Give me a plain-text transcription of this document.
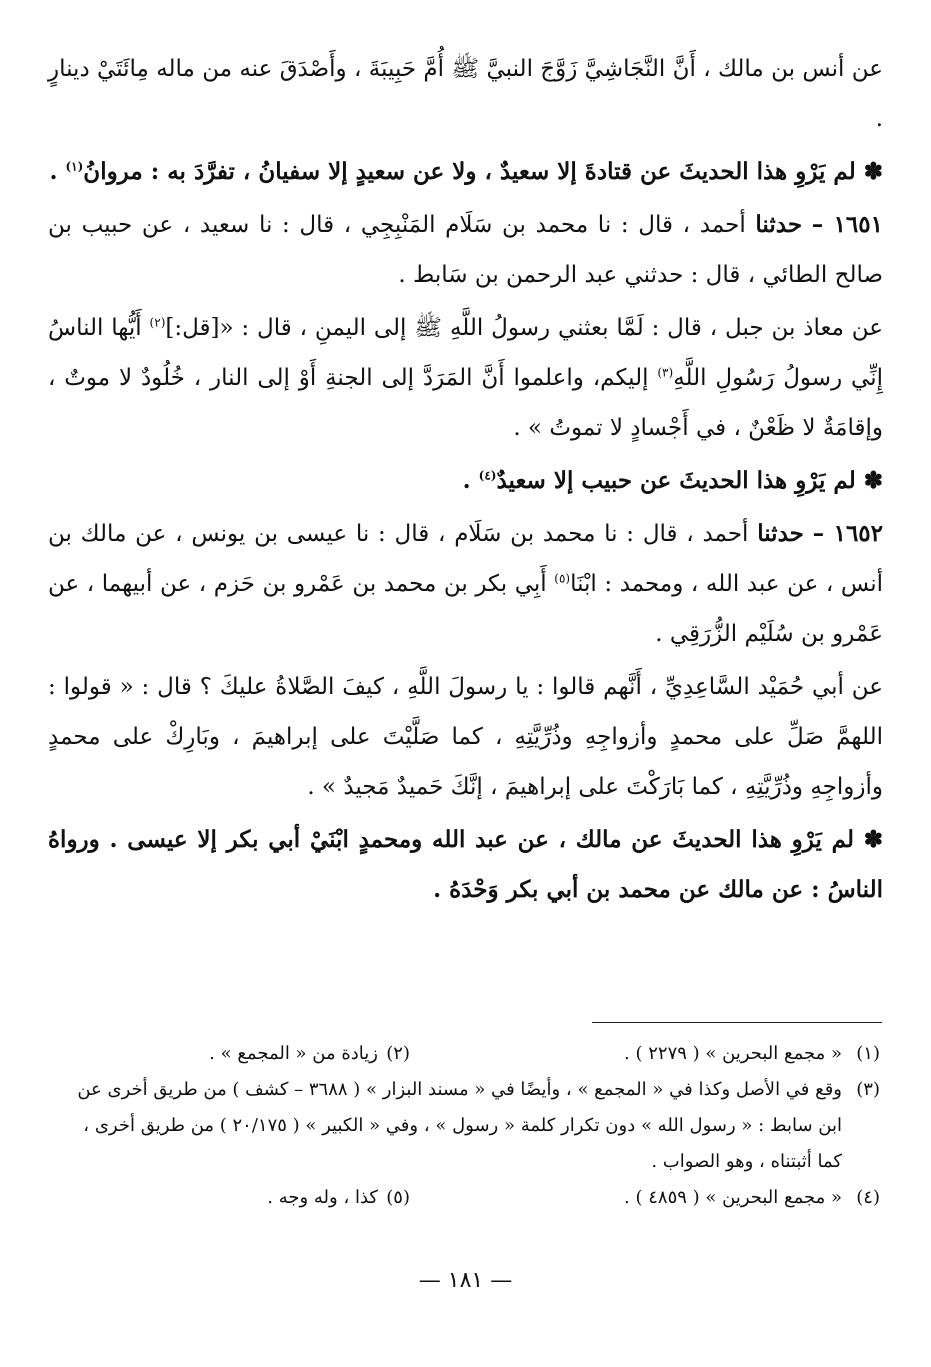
عن أنس بن مالك ، أَنَّ النَّجَاشِيَّ زَوَّجَ النبيَّ ﷺ أُمَّ حَبِيبَةَ ، وأَصْدَقَ عنه من ماله مِائَتَيْ دينارٍ .

✽ لم يَرْوِ هذا الحديثَ عن قتادةَ إلا سعيدٌ ، ولا عن سعيدٍ إلا سفيانُ ، تفرَّدَ به : مروانُ$^{(١)}$ .

١٦٥١ – حدثنا أحمد ، قال : نا محمد بن سَلَام المَنْبِجِي ، قال : نا سعيد ، عن حبيب بن صالح الطائي ، قال : حدثني عبد الرحمن بن سَابط .

عن معاذ بن جبل ، قال : لَمَّا بعثني رسولُ اللَّهِ ﷺ إلى اليمنِ ، قال : «[قل:]$^{(٢)}$ أَيُّها الناسُ إِنِّي رسولُ رَسُولِ اللَّهِ$^{(٣)}$ إليكم، واعلموا أَنَّ المَرَدَّ إلى الجنةِ أَوْ إلى النار ، خُلُودٌ لا موتٌ ، وإقامَةٌ لا ظَعْنٌ ، في أَجْسادٍ لا تموتُ » .

✽ لم يَرْوِ هذا الحديثَ عن حبيب إلا سعيدٌ$^{(٤)}$ .

١٦٥٢ – حدثنا أحمد ، قال : نا محمد بن سَلَام ، قال : نا عيسى بن يونس ، عن مالك بن أنس ، عن عبد الله ، ومحمد : ابْنَا$^{(٥)}$ أَبِي بكر بن محمد بن عَمْرو بن حَزم ، عن أبيهما ، عن عَمْرو بن سُلَيْم الزُّرَقِي .

عن أبي حُمَيْد السَّاعِدِيِّ ، أَنَّهم قالوا : يا رسولَ اللَّهِ ، كيفَ الصَّلاةُ عليكَ ؟ قال : « قولوا : اللهمَّ صَلِّ على محمدٍ وأزواجِهِ وذُرِّيَّتِهِ ، كما صَلَّيْتَ على إبراهيمَ ، وبَارِكْ على محمدٍ وأزواجِهِ وذُرِّيَّتِهِ ، كما بَارَكْتَ على إبراهيمَ ، إنَّكَ حَميدٌ مَجيدٌ » .

✽ لم يَرْوِ هذا الحديثَ عن مالك ، عن عبد الله ومحمدٍ ابْنَيْ أبي بكر إلا عيسى . ورواهُ الناسُ : عن مالك عن محمد بن أبي بكر وَحْدَهُ .

(١)
« مجمع البحرين » ( ٢٢٧٩ ) .
(٢)
زيادة من « المجمع » .
(٣)
وقع في الأصل وكذا في « المجمع » ، وأيضًا في « مسند البزار » ( ٣٦٨٨ – كشف ) من طريق أخرى عن ابن سابط : « رسول الله » دون تكرار كلمة « رسول » ، وفي « الكبير » ( ٢٠/١٧٥ ) من طريق أخرى ، كما أثبتناه ، وهو الصواب .
(٤)
« مجمع البحرين » ( ٤٨٥٩ ) .
(٥)
كذا ، وله وجه .
— ١٨١ —
